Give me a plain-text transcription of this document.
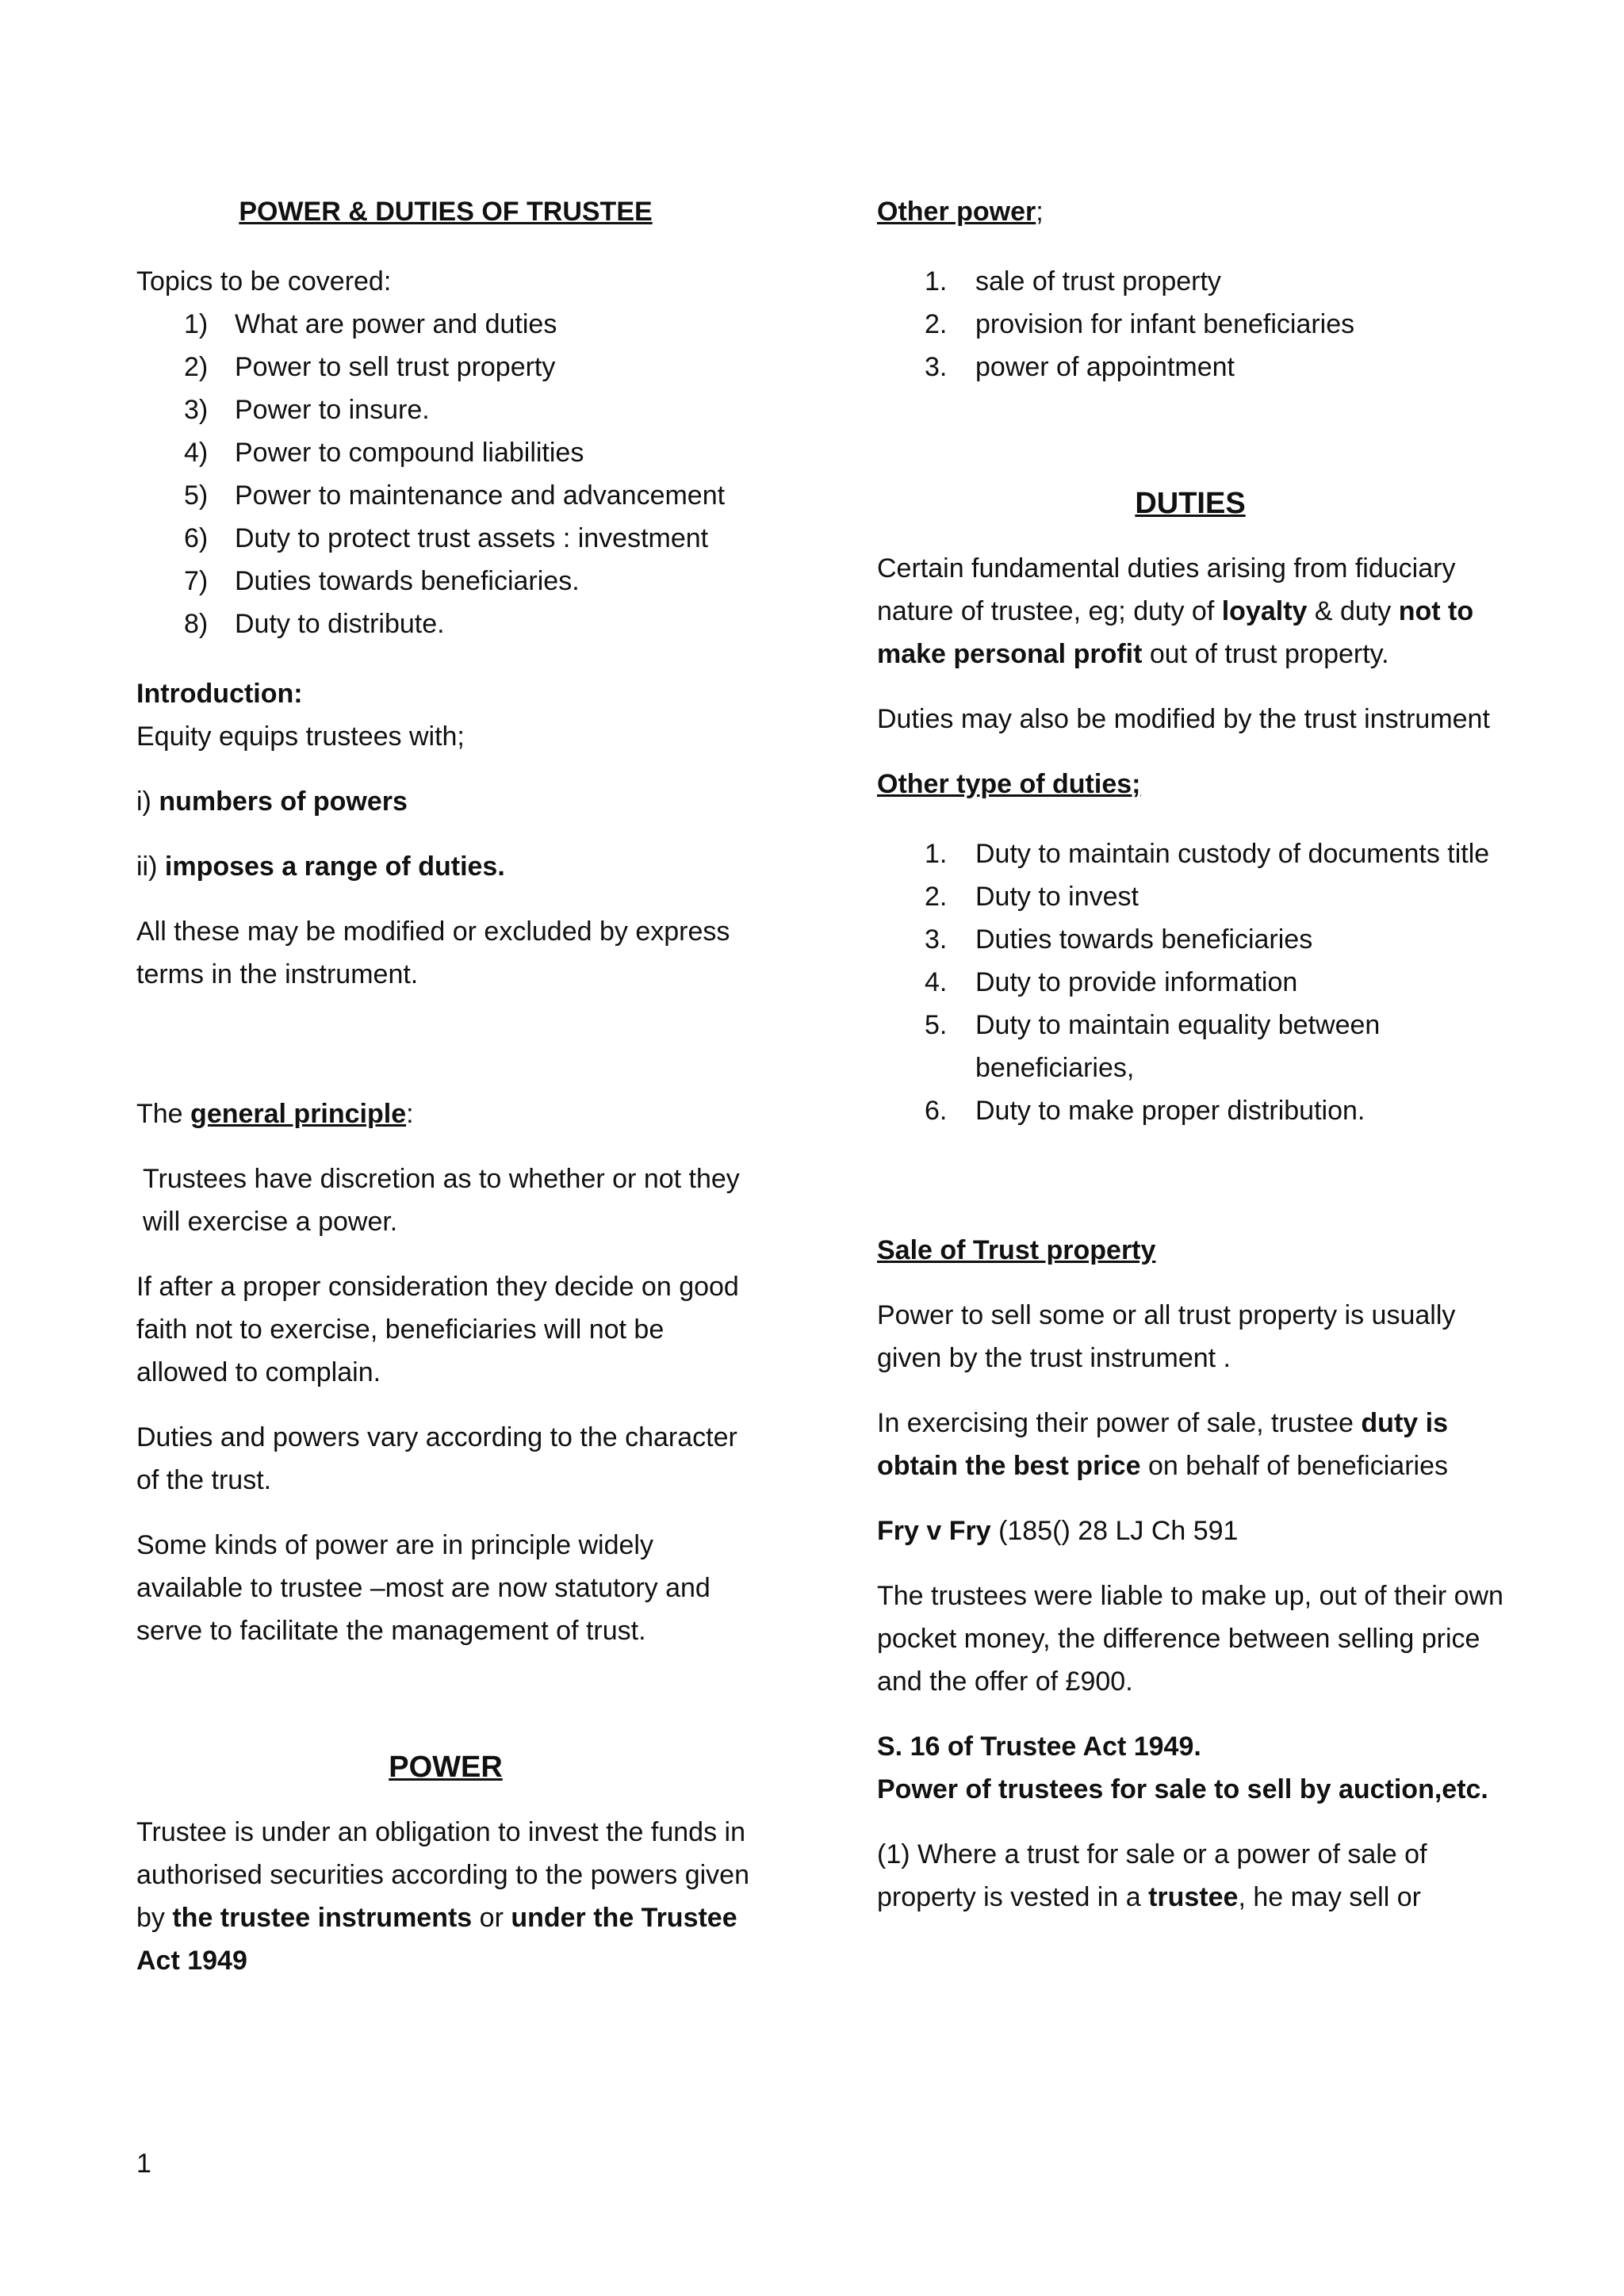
POWER & DUTIES OF TRUSTEE

Topics to be covered:

1) What are power and duties
2) Power to sell trust property
3) Power to insure.
4) Power to compound liabilities
5) Power to maintenance and advancement
6) Duty to protect trust assets : investment
7) Duties towards beneficiaries.
8) Duty to distribute.

Introduction:

Equity equips trustees with;

i) numbers of powers

ii) imposes a range of duties.

All these may be modified or excluded by express terms in the instrument.

The general principle:

Trustees have discretion as to whether or not they will exercise a power.

If after a proper consideration they decide on good faith not to exercise, beneficiaries will not be allowed to complain.

Duties and powers vary according to the character of the trust.

Some kinds of power are in principle widely available to trustee –most are now statutory and serve to facilitate the management of trust.

POWER

Trustee is under an obligation to invest the funds in authorised securities according to the powers given by the trustee instruments or under the Trustee Act 1949

Other power;

1. sale of trust property
2. provision for infant beneficiaries
3. power of appointment

DUTIES

Certain fundamental duties arising from fiduciary nature of trustee, eg; duty of loyalty & duty not to make personal profit out of trust property.

Duties may also be modified by the trust instrument

Other type of duties;

1. Duty to maintain custody of documents title
2. Duty to invest
3. Duties towards beneficiaries
4. Duty to provide information
5. Duty to maintain equality between beneficiaries,
6. Duty to make proper distribution.

Sale of Trust property

Power to sell some or all trust property is usually given by the trust instrument .

In exercising their power of sale, trustee duty is obtain the best price on behalf of beneficiaries

Fry v Fry (185() 28 LJ Ch 591

The trustees were liable to make up, out of their own pocket money, the difference between selling price and the offer of £900.

S. 16 of Trustee Act 1949.

Power of trustees for sale to sell by auction,etc.

(1) Where a trust for sale or a power of sale of property is vested in a trustee, he may sell or

1
